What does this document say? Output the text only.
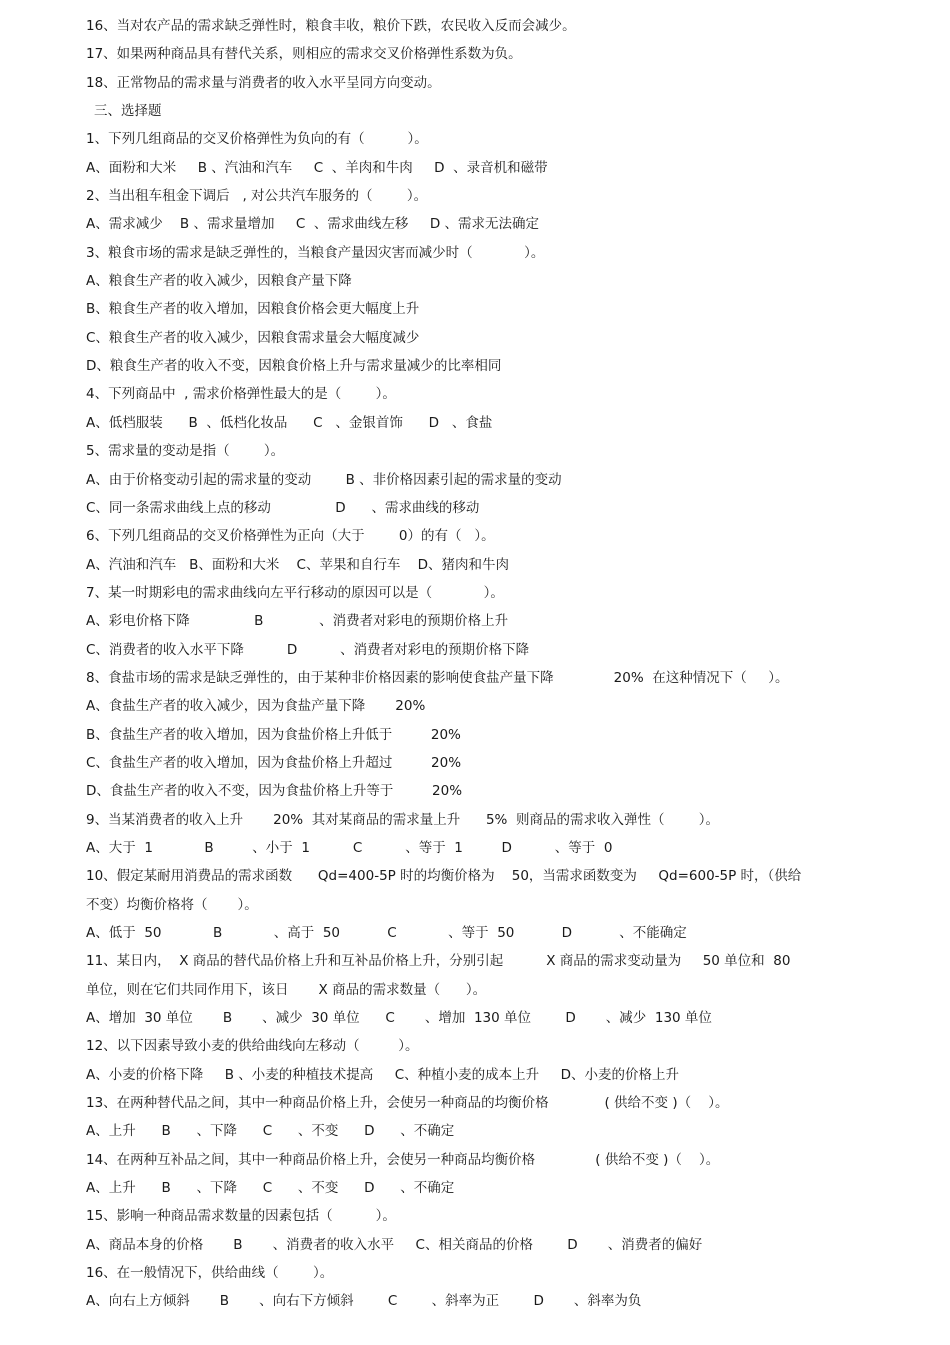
16、当对农产品的需求缺乏弹性时，粮食丰收，粮价下跌，农民收入反而会减少。
17、如果两种商品具有替代关系，则相应的需求交叉价格弹性系数为负。
18、正常物品的需求量与消费者的收入水平呈同方向变动。
三、选择题
1、下列几组商品的交叉价格弹性为负向的有（          ）。
A、面粉和大米     B 、汽油和汽车     C  、羊肉和牛肉     D  、录音机和磁带
2、当出租车租金下调后   , 对公共汽车服务的（        ）。
A、需求减少    B 、需求量增加     C  、需求曲线左移     D 、需求无法确定
3、粮食市场的需求是缺乏弹性的，当粮食产量因灾害而减少时（            ）。
A、粮食生产者的收入减少，因粮食产量下降
B、粮食生产者的收入增加，因粮食价格会更大幅度上升
C、粮食生产者的收入减少，因粮食需求量会大幅度减少
D、粮食生产者的收入不变，因粮食价格上升与需求量减少的比率相同
4、下列商品中  , 需求价格弹性最大的是（        ）。
A、低档服装      B  、低档化妆品      C   、金银首饰      D   、食盐
5、需求量的变动是指（        ）。
A、由于价格变动引起的需求量的变动        B 、非价格因素引起的需求量的变动
C、同一条需求曲线上点的移动               D      、需求曲线的移动
6、下列几组商品的交叉价格弹性为正向（大于        0）的有（   ）。
A、汽油和汽车   B、面粉和大米    C、苹果和自行车    D、猪肉和牛肉
7、某一时期彩电的需求曲线向左平行移动的原因可以是（            ）。
A、彩电价格下降               B             、消费者对彩电的预期价格上升
C、消费者的收入水平下降          D          、消费者对彩电的预期价格下降
8、食盐市场的需求是缺乏弹性的，由于某种非价格因素的影响使食盐产量下降              20%  在这种情况下（     ）。
A、食盐生产者的收入减少，因为食盐产量下降       20%
B、食盐生产者的收入增加，因为食盐价格上升低于         20%
C、食盐生产者的收入增加，因为食盐价格上升超过         20%
D、食盐生产者的收入不变，因为食盐价格上升等于         20%
9、当某消费者的收入上升       20%  其对某商品的需求量上升      5%  则商品的需求收入弹性（        ）。
A、大于  1            B         、小于  1          C          、等于  1         D          、等于  0
10、假定某耐用消费品的需求函数      Qd=400-5P 时的均衡价格为    50，当需求函数变为     Qd=600-5P 时，（供给
不变）均衡价格将（       ）。
A、低于  50            B            、高于  50           C            、等于  50           D           、不能确定
11、某日内，  X 商品的替代品价格上升和互补品价格上升，分别引起          X 商品的需求变动量为     50 单位和  80
单位，则在它们共同作用下，该日       X 商品的需求数量（      ）。
A、增加  30 单位       B       、减少  30 单位      C       、增加  130 单位        D       、减少  130 单位
12、以下因素导致小麦的供给曲线向左移动（         ）。
A、小麦的价格下降     B 、小麦的种植技术提高     C、种植小麦的成本上升     D、小麦的价格上升
13、在两种替代品之间，其中一种商品价格上升，会使另一种商品的均衡价格             ( 供给不变 )（    ）。
A、上升      B      、下降      C      、不变      D      、不确定
14、在两种互补品之间，其中一种商品价格上升，会使另一种商品均衡价格              ( 供给不变 )（    ）。
A、上升      B      、下降      C      、不变      D      、不确定
15、影响一种商品需求数量的因素包括（          ）。
A、商品本身的价格       B       、消费者的收入水平     C、相关商品的价格        D       、消费者的偏好
16、在一般情况下，供给曲线（        ）。
A、向右上方倾斜       B       、向右下方倾斜        C        、斜率为正        D       、斜率为负
